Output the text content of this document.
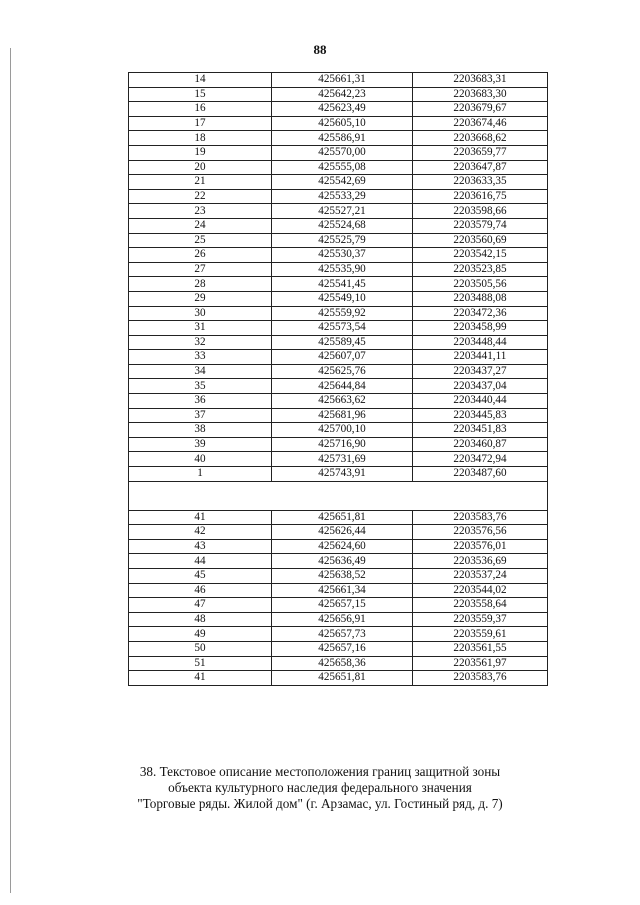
88
14	425661,31	2203683,31
15	425642,23	2203683,30
16	425623,49	2203679,67
17	425605,10	2203674,46
18	425586,91	2203668,62
19	425570,00	2203659,77
20	425555,08	2203647,87
21	425542,69	2203633,35
22	425533,29	2203616,75
23	425527,21	2203598,66
24	425524,68	2203579,74
25	425525,79	2203560,69
26	425530,37	2203542,15
27	425535,90	2203523,85
28	425541,45	2203505,56
29	425549,10	2203488,08
30	425559,92	2203472,36
31	425573,54	2203458,99
32	425589,45	2203448,44
33	425607,07	2203441,11
34	425625,76	2203437,27
35	425644,84	2203437,04
36	425663,62	2203440,44
37	425681,96	2203445,83
38	425700,10	2203451,83
39	425716,90	2203460,87
40	425731,69	2203472,94
1	425743,91	2203487,60

41	425651,81	2203583,76
42	425626,44	2203576,56
43	425624,60	2203576,01
44	425636,49	2203536,69
45	425638,52	2203537,24
46	425661,34	2203544,02
47	425657,15	2203558,64
48	425656,91	2203559,37
49	425657,73	2203559,61
50	425657,16	2203561,55
51	425658,36	2203561,97
41	425651,81	2203583,76
38. Текстовое описание местоположения границ защитной зоны
объекта культурного наследия федерального значения
"Торговые ряды. Жилой дом" (г. Арзамас, ул. Гостиный ряд, д. 7)
